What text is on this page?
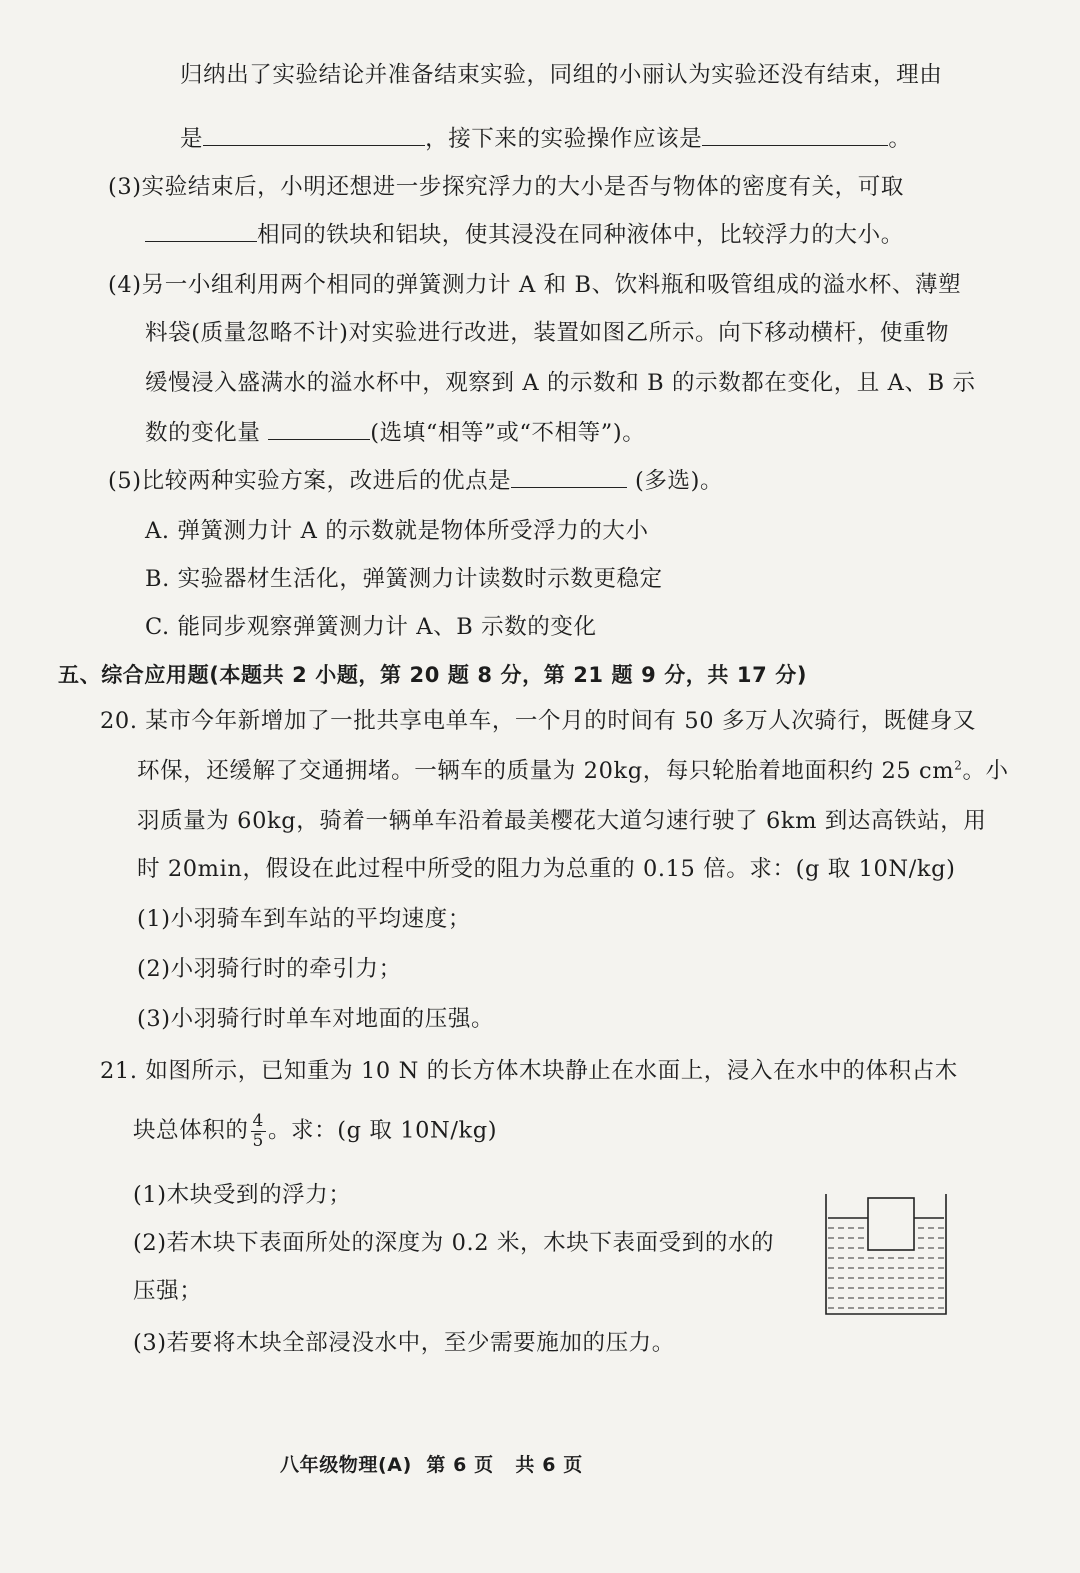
归纳出了实验结论并准备结束实验，同组的小丽认为实验还没有结束，理由
是	，接下来的实验操作应该是	。
(3)实验结束后，小明还想进一步探究浮力的大小是否与物体的密度有关，可取
相同的铁块和铝块，使其浸没在同种液体中，比较浮力的大小。
(4)另一小组利用两个相同的弹簧测力计 A 和 B、饮料瓶和吸管组成的溢水杯、薄塑
料袋(质量忽略不计)对实验进行改进，装置如图乙所示。向下移动横杆，使重物
缓慢浸入盛满水的溢水杯中，观察到 A 的示数和 B 的示数都在变化，且 A、B 示
数的变化量	(选填“相等”或“不相等”)。
(5)比较两种实验方案，改进后的优点是	(多选)。
A. 弹簧测力计 A 的示数就是物体所受浮力的大小
B. 实验器材生活化，弹簧测力计读数时示数更稳定
C. 能同步观察弹簧测力计 A、B 示数的变化
五、综合应用题(本题共 2 小题，第 20 题 8 分，第 21 题 9 分，共 17 分)
20. 某市今年新增加了一批共享电单车，一个月的时间有 50 多万人次骑行，既健身又
环保，还缓解了交通拥堵。一辆车的质量为 20kg，每只轮胎着地面积约 25 $cm^2$。小
羽质量为 60kg，骑着一辆单车沿着最美樱花大道匀速行驶了 6km 到达高铁站，用
时 20min，假设在此过程中所受的阻力为总重的 0.15 倍。求：(g 取 10N/kg)
(1)小羽骑车到车站的平均速度；
(2)小羽骑行时的牵引力；
(3)小羽骑行时单车对地面的压强。
21. 如图所示，已知重为 10 N 的长方体木块静止在水面上，浸入在水中的体积占木
块总体积的 $\frac{4}{5}$ 。求：(g 取 10N/kg)
(1)木块受到的浮力；
(2)若木块下表面所处的深度为 0.2 米，木块下表面受到的水的
压强；
(3)若要将木块全部浸没水中，至少需要施加的压力。
八年级物理(A) 第 6 页 共 6 页
